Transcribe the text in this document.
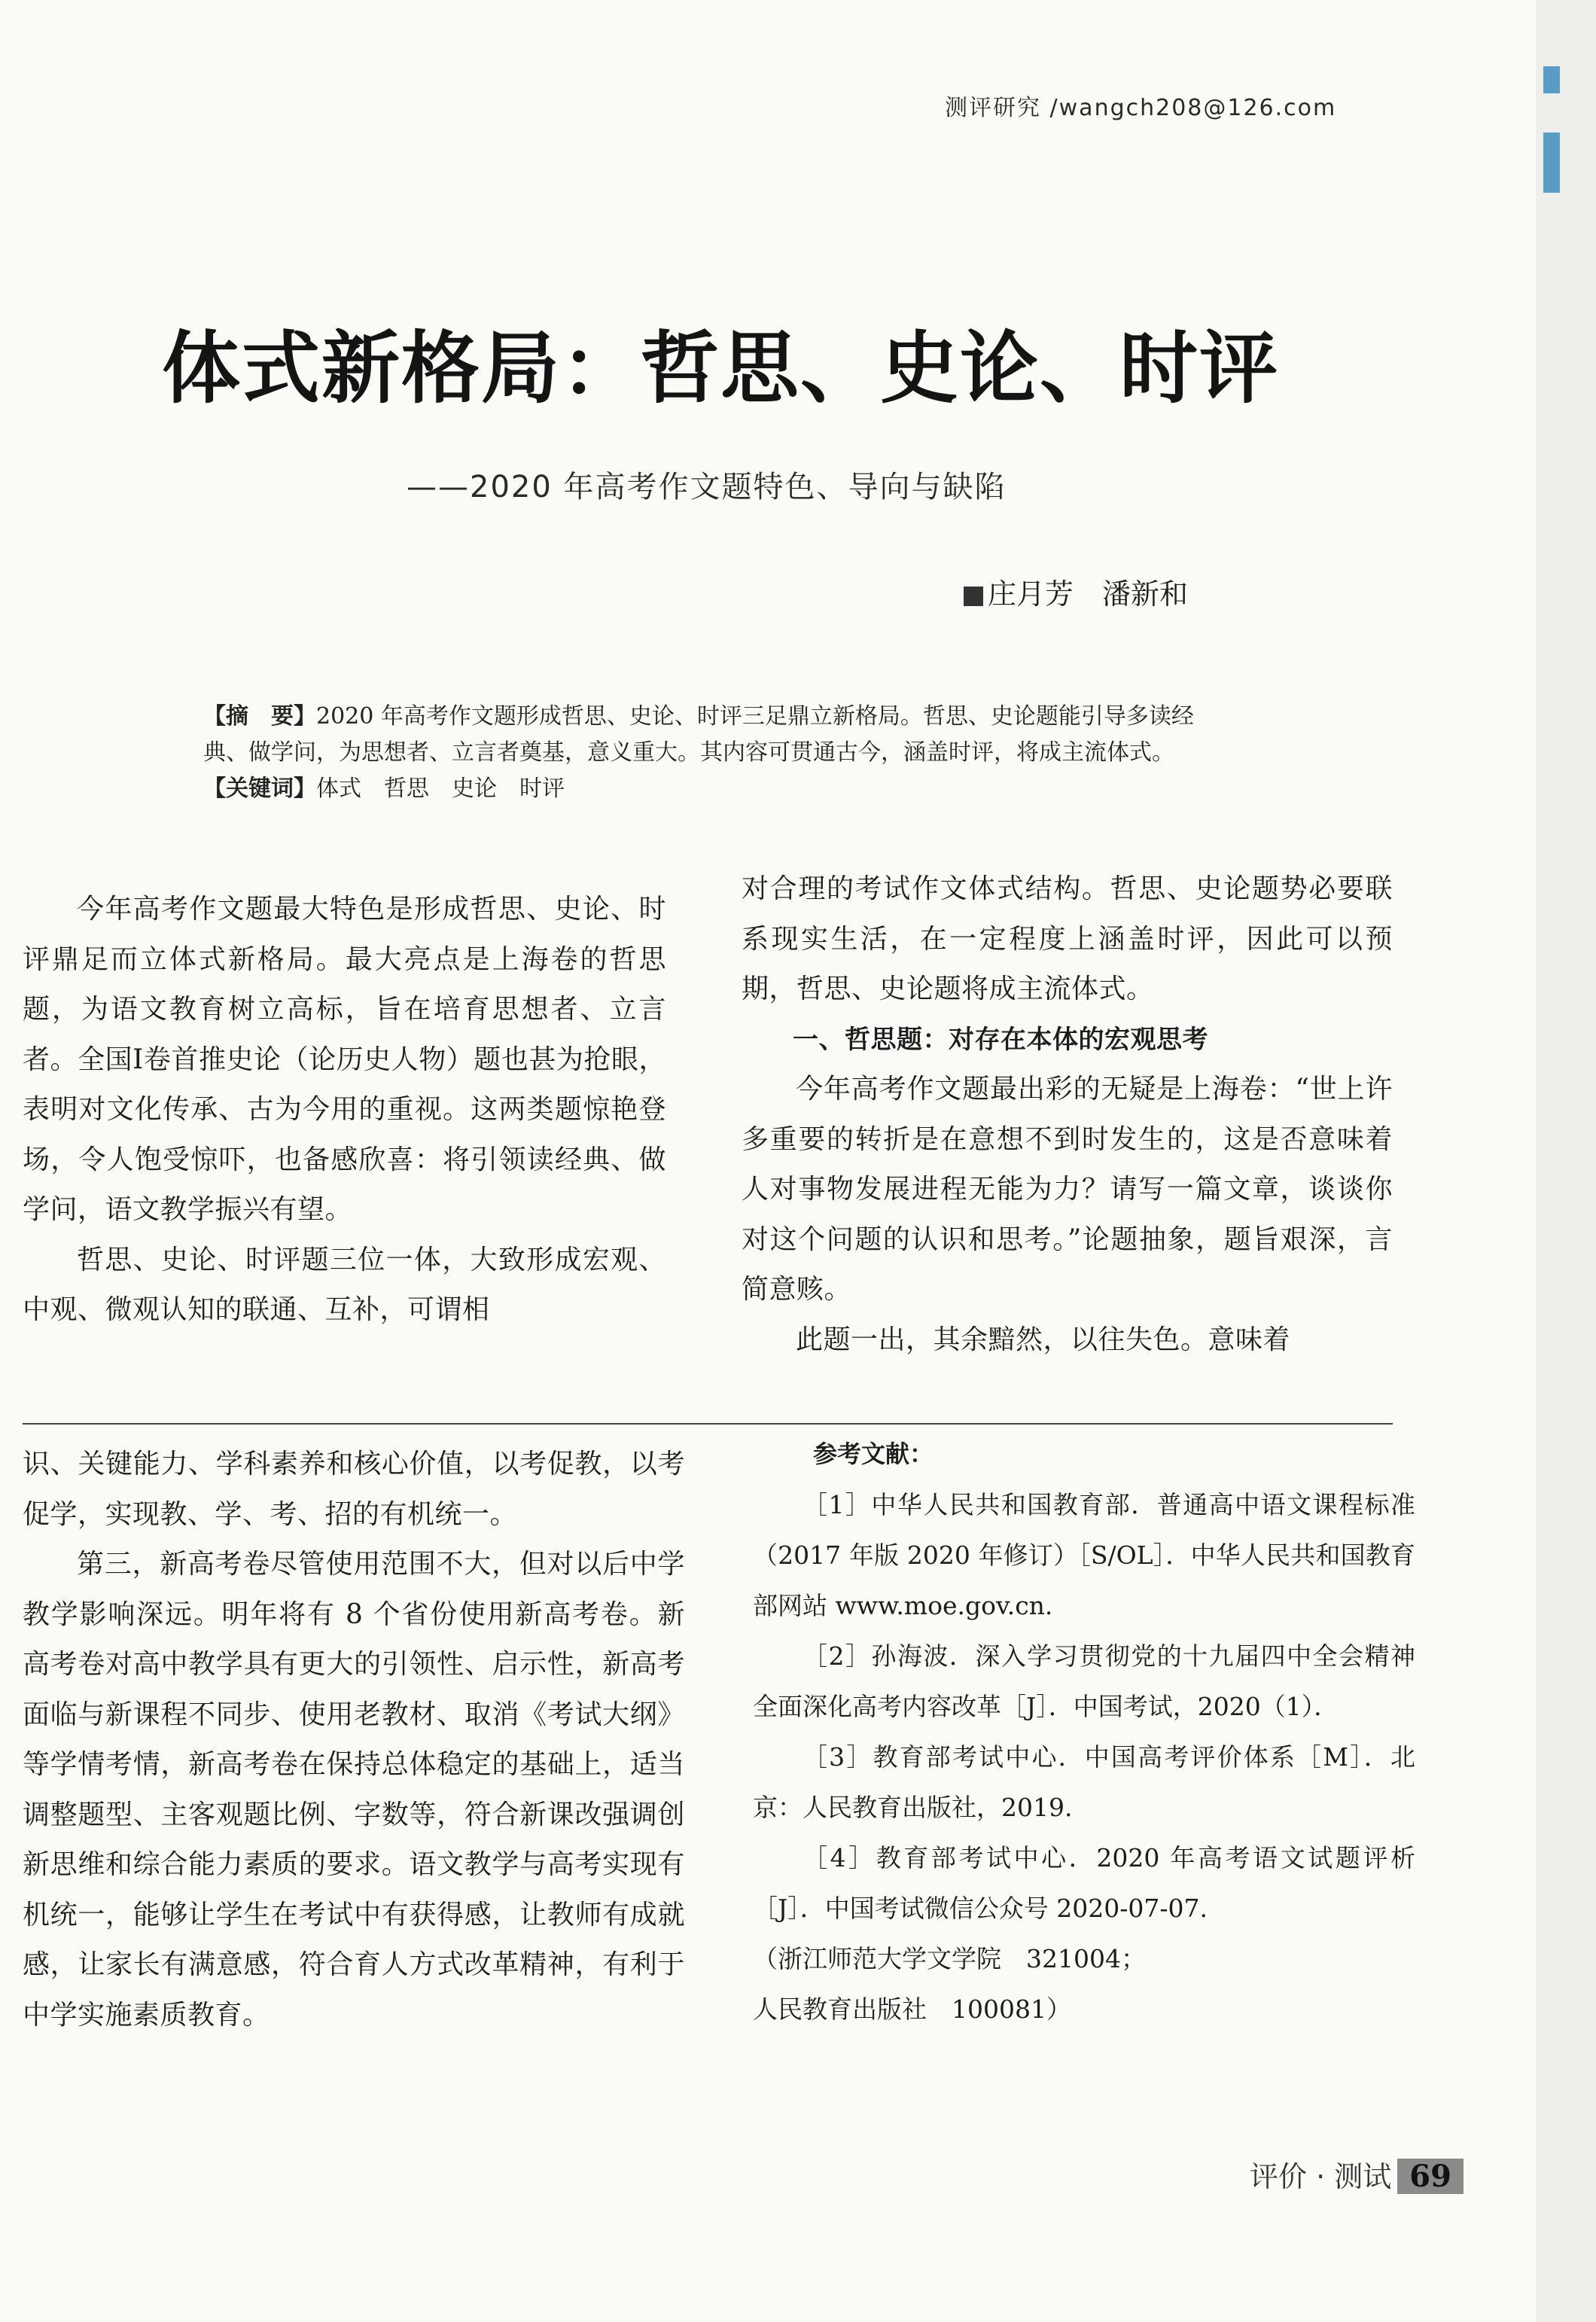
测评研究 /wangch208@126.com
体式新格局：哲思、史论、时评
——2020 年高考作文题特色、导向与缺陷
庄月芳　潘新和

【摘　要】2020 年高考作文题形成哲思、史论、时评三足鼎立新格局。哲思、史论题能引导多读经典、做学问，为思想者、立言者奠基，意义重大。其内容可贯通古今，涵盖时评，将成主流体式。

【关键词】体式　哲思　史论　时评

今年高考作文题最大特色是形成哲思、史论、时评鼎足而立体式新格局。最大亮点是上海卷的哲思题，为语文教育树立高标，旨在培育思想者、立言者。全国Ⅰ卷首推史论（论历史人物）题也甚为抢眼，表明对文化传承、古为今用的重视。这两类题惊艳登场，令人饱受惊吓，也备感欣喜：将引领读经典、做学问，语文教学振兴有望。

哲思、史论、时评题三位一体，大致形成宏观、中观、微观认知的联通、互补，可谓相

对合理的考试作文体式结构。哲思、史论题势必要联系现实生活，在一定程度上涵盖时评，因此可以预期，哲思、史论题将成主流体式。

一、哲思题：对存在本体的宏观思考

今年高考作文题最出彩的无疑是上海卷：“世上许多重要的转折是在意想不到时发生的，这是否意味着人对事物发展进程无能为力？请写一篇文章，谈谈你对这个问题的认识和思考。”论题抽象，题旨艰深，言简意赅。

此题一出，其余黯然，以往失色。意味着

识、关键能力、学科素养和核心价值，以考促教，以考促学，实现教、学、考、招的有机统一。

第三，新高考卷尽管使用范围不大，但对以后中学教学影响深远。明年将有 8 个省份使用新高考卷。新高考卷对高中教学具有更大的引领性、启示性，新高考面临与新课程不同步、使用老教材、取消《考试大纲》等学情考情，新高考卷在保持总体稳定的基础上，适当调整题型、主客观题比例、字数等，符合新课改强调创新思维和综合能力素质的要求。语文教学与高考实现有机统一，能够让学生在考试中有获得感，让教师有成就感，让家长有满意感，符合育人方式改革精神，有利于中学实施素质教育。

参考文献：

［1］中华人民共和国教育部．普通高中语文课程标准（2017 年版 2020 年修订）［S/OL］．中华人民共和国教育部网站 www.moe.gov.cn.

［2］孙海波．深入学习贯彻党的十九届四中全会精神　全面深化高考内容改革［J］．中国考试，2020（1）．

［3］教育部考试中心．中国高考评价体系［M］．北京：人民教育出版社，2019.

［4］教育部考试中心．2020 年高考语文试题评析［J］．中国考试微信公众号 2020-07-07.

（浙江师范大学文学院　321004；

人民教育出版社　100081）

评价 · 测试 69
